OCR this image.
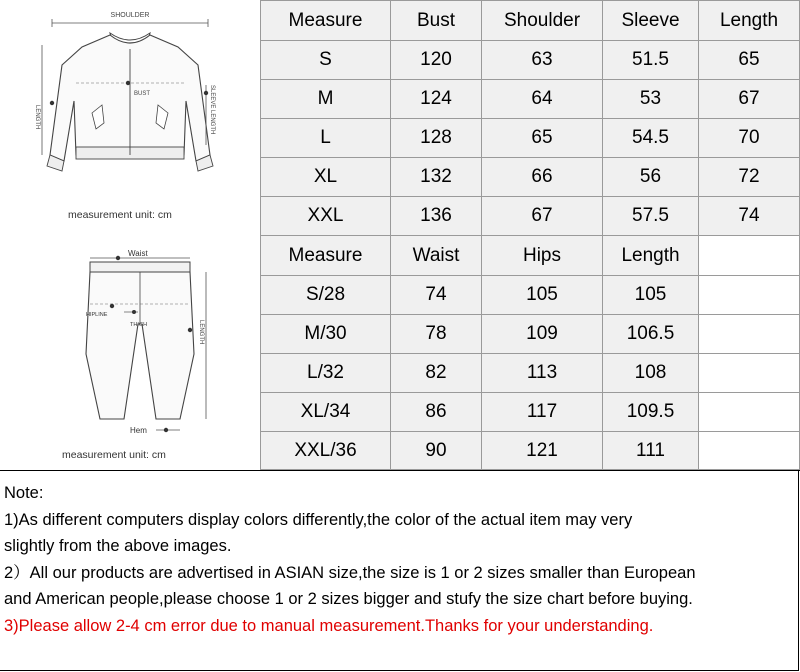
SHOULDER
BUST
LENGTH	SLEEVE LENGTH
measurement unit: cm
Waist
HIPLINE
THIGH	LENGTH
Hem
measurement unit: cm
Measure	Bust	Shoulder	Sleeve	Length
S	120	63	51.5	65
M	124	64	53	67
L	128	65	54.5	70
XL	132	66	56	72
XXL	136	67	57.5	74
Measure	Waist	Hips	Length
S/28	74	105	105
M/30	78	109	106.5
L/32	82	113	108
XL/34	86	117	109.5
XXL/36	90	121	111
Note:
1)As different computers display colors differently,the color of the actual item may very
slightly from the above images.
2）All our products are advertised in ASIAN size,the size is 1 or 2 sizes smaller than European
and American people,please choose 1 or 2 sizes bigger and stufy the size chart before buying.
3)Please allow 2-4 cm error due to manual measurement.Thanks for your understanding.
